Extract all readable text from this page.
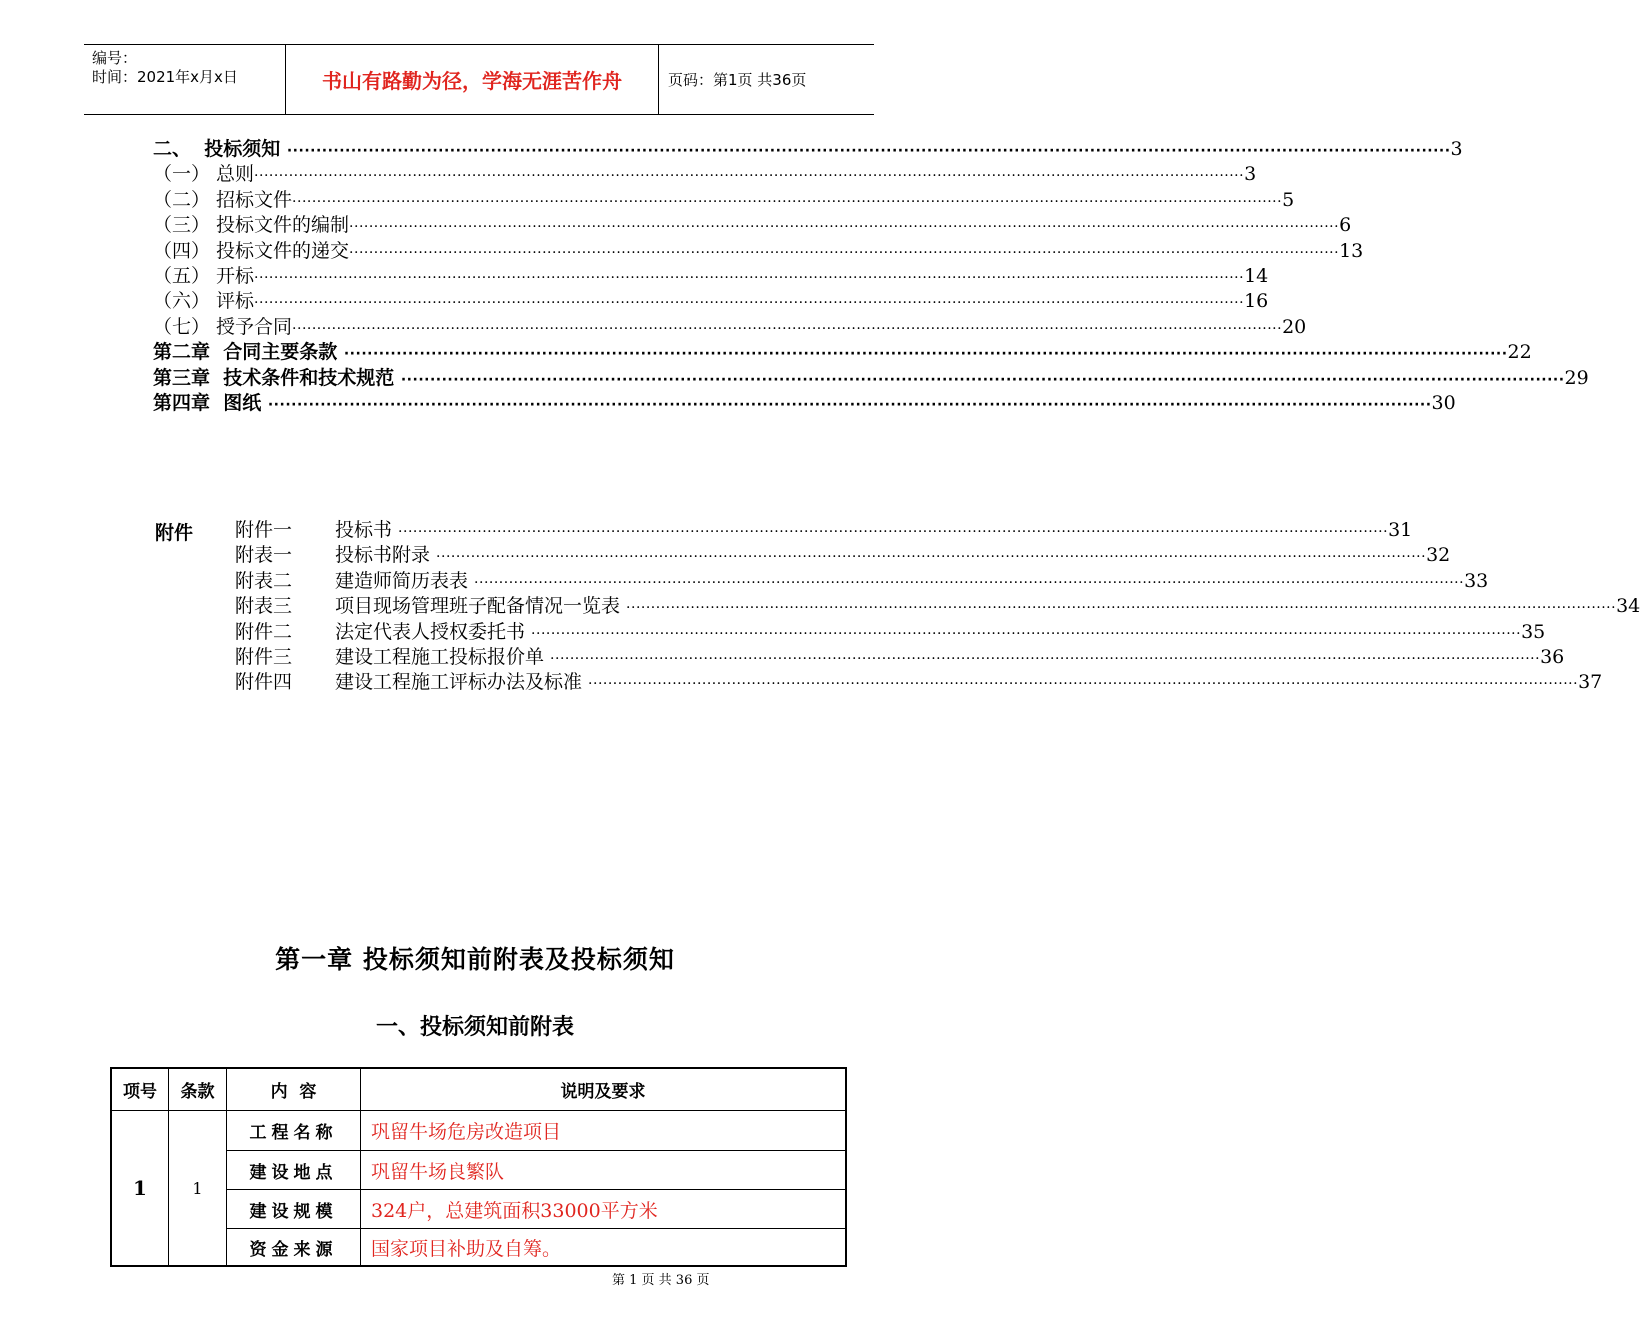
编号：
时间：2021年x月x日	书山有路勤为径，学海无涯苦作舟	页码：第1页 共36页
二、  投标须知 ········································································································································································································ 3
（一） 总则 ········································································································································································································ 3
（二） 招标文件 ········································································································································································································ 5
（三） 投标文件的编制 ········································································································································································································ 6
（四） 投标文件的递交 ········································································································································································································ 13
（五） 开标 ········································································································································································································ 14
（六） 评标 ········································································································································································································ 16
（七） 授予合同 ········································································································································································································ 20
第二章  合同主要条款 ········································································································································································································ 22
第三章  技术条件和技术规范 ········································································································································································································ 29
第四章  图纸 ········································································································································································································ 30
附件 附件一 投标书 ········································································································································································································ 31
附表一 投标书附录 ········································································································································································································ 32
附表二 建造师简历表表 ········································································································································································································ 33
附表三 项目现场管理班子配备情况一览表 ········································································································································································································ 34
附件二 法定代表人授权委托书 ········································································································································································································ 35
附件三 建设工程施工投标报价单 ········································································································································································································ 36
附件四 建设工程施工评标办法及标准 ········································································································································································································ 37
第一章 投标须知前附表及投标须知
一、投标须知前附表
项号	条款	内  容	说明及要求
1	1
工程名称	巩留牛场危房改造项目
建设地点	巩留牛场良繁队
建设规模	324户，总建筑面积33000平方米
资金来源	国家项目补助及自筹。
第 1 页 共 36 页
